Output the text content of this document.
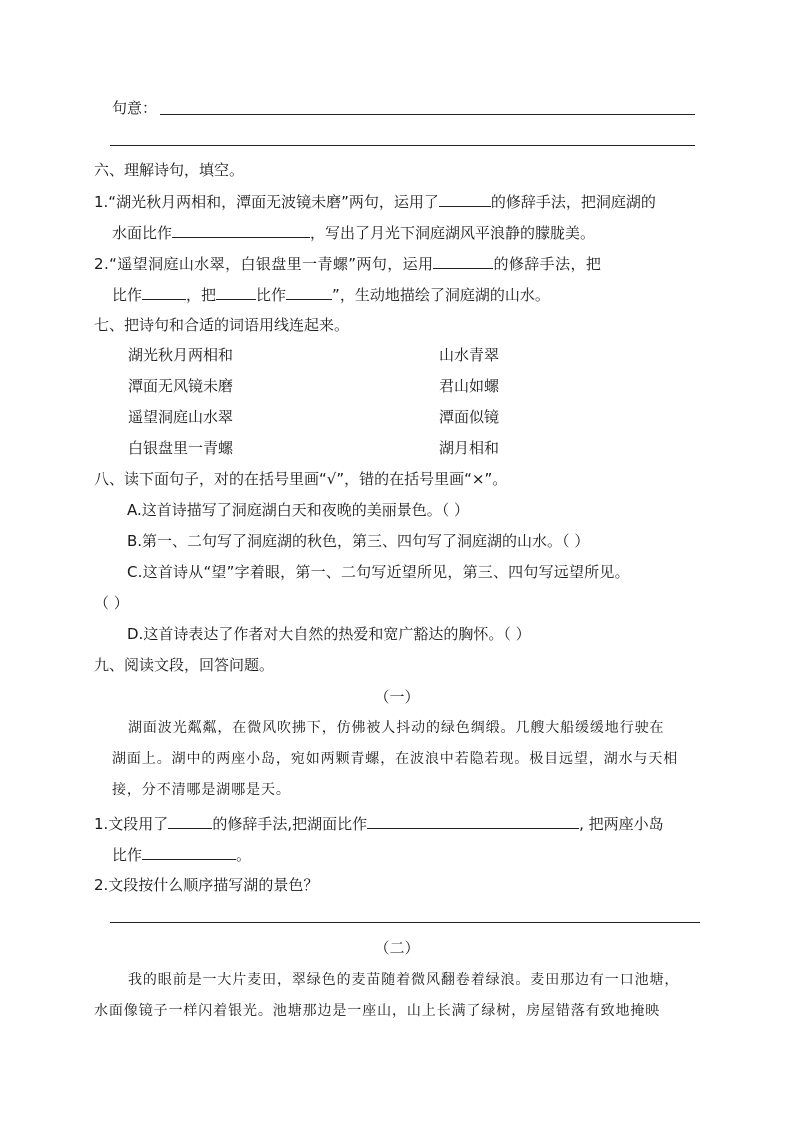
句意：
六、理解诗句，填空。
1.“湖光秋月两相和，潭面无波镜未磨”两句，运用了	的修辞手法，把洞庭湖的
水面比作	，写出了月光下洞庭湖风平浪静的朦胧美。
2.“遥望洞庭山水翠，白银盘里一青螺”两句，运用	的修辞手法，把
比作	，把	比作	”，生动地描绘了洞庭湖的山水。
七、把诗句和合适的词语用线连起来。
湖光秋月两相和
潭面无风镜未磨
遥望洞庭山水翠
白银盘里一青螺
山水青翠
君山如螺
潭面似镜
湖月相和
八、读下面句子，对的在括号里画“√”，错的在括号里画“×”。
A.这首诗描写了洞庭湖白天和夜晚的美丽景色。（ ）
B.第一、二句写了洞庭湖的秋色，第三、四句写了洞庭湖的山水。（ ）
C.这首诗从“望”字着眼，第一、二句写近望所见，第三、四句写远望所见。
（ ）
D.这首诗表达了作者对大自然的热爱和宽广豁达的胸怀。（ ）
九、阅读文段，回答问题。
（一）
湖面波光粼粼，在微风吹拂下，仿佛被人抖动的绿色绸缎。几艘大船缓缓地行驶在
湖面上。湖中的两座小岛，宛如两颗青螺，在波浪中若隐若现。极目远望，湖水与天相
接，分不清哪是湖哪是天。
1.文段用了	的修辞手法,把湖面比作	, 把两座小岛
比作	。
2.文段按什么顺序描写湖的景色？
（二）
我的眼前是一大片麦田，翠绿色的麦苗随着微风翻卷着绿浪。麦田那边有一口池塘，
水面像镜子一样闪着银光。池塘那边是一座山，山上长满了绿树，房屋错落有致地掩映
